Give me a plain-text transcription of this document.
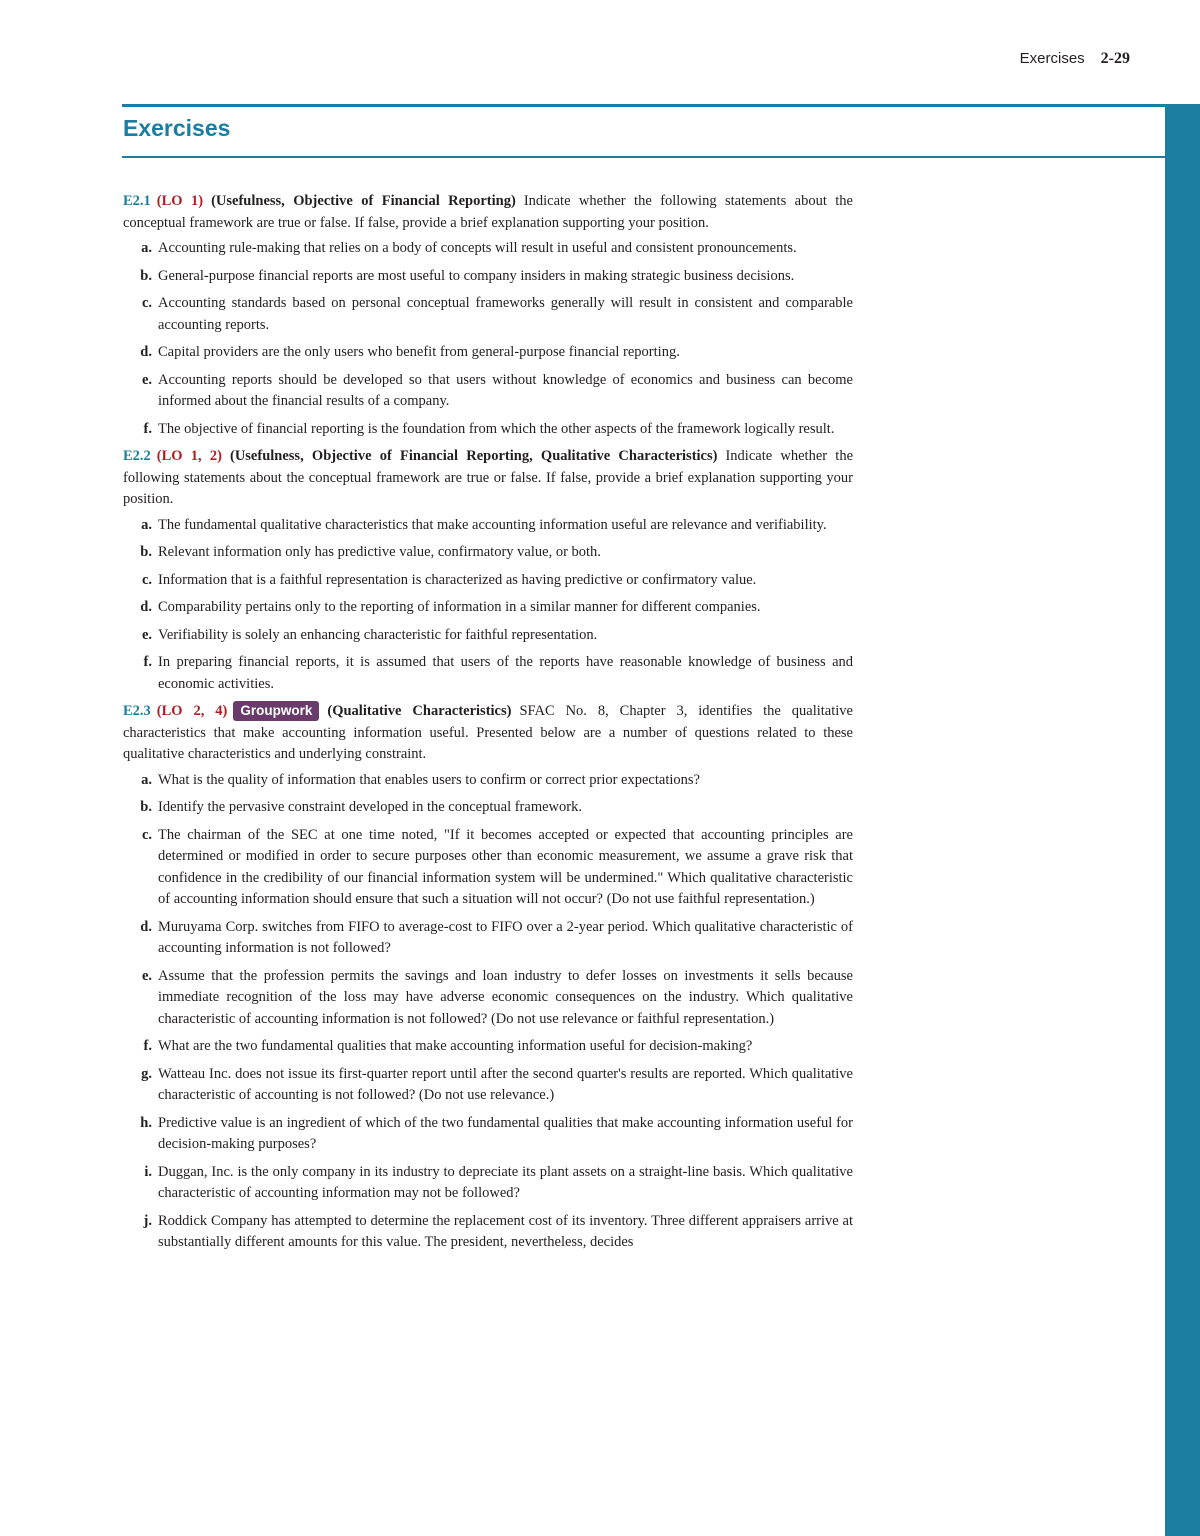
Exercises 2-29
Exercises

E2.1 (LO 1) (Usefulness, Objective of Financial Reporting) Indicate whether the following statements about the conceptual framework are true or false. If false, provide a brief explanation supporting your position.

a. Accounting rule-making that relies on a body of concepts will result in useful and consistent pronouncements.
b. General-purpose financial reports are most useful to company insiders in making strategic business decisions.
c. Accounting standards based on personal conceptual frameworks generally will result in consistent and comparable accounting reports.
d. Capital providers are the only users who benefit from general-purpose financial reporting.
e. Accounting reports should be developed so that users without knowledge of economics and business can become informed about the financial results of a company.
f. The objective of financial reporting is the foundation from which the other aspects of the framework logically result.

E2.2 (LO 1, 2) (Usefulness, Objective of Financial Reporting, Qualitative Characteristics) Indicate whether the following statements about the conceptual framework are true or false. If false, provide a brief explanation supporting your position.

a. The fundamental qualitative characteristics that make accounting information useful are relevance and verifiability.
b. Relevant information only has predictive value, confirmatory value, or both.
c. Information that is a faithful representation is characterized as having predictive or confirmatory value.
d. Comparability pertains only to the reporting of information in a similar manner for different companies.
e. Verifiability is solely an enhancing characteristic for faithful representation.
f. In preparing financial reports, it is assumed that users of the reports have reasonable knowledge of business and economic activities.

E2.3 (LO 2, 4) Groupwork (Qualitative Characteristics) SFAC No. 8, Chapter 3, identifies the qualitative characteristics that make accounting information useful. Presented below are a number of questions related to these qualitative characteristics and underlying constraint.

a. What is the quality of information that enables users to confirm or correct prior expectations?
b. Identify the pervasive constraint developed in the conceptual framework.
c. The chairman of the SEC at one time noted, "If it becomes accepted or expected that accounting principles are determined or modified in order to secure purposes other than economic measurement, we assume a grave risk that confidence in the credibility of our financial information system will be undermined." Which qualitative characteristic of accounting information should ensure that such a situation will not occur? (Do not use faithful representation.)
d. Muruyama Corp. switches from FIFO to average-cost to FIFO over a 2-year period. Which qualitative characteristic of accounting information is not followed?
e. Assume that the profession permits the savings and loan industry to defer losses on investments it sells because immediate recognition of the loss may have adverse economic consequences on the industry. Which qualitative characteristic of accounting information is not followed? (Do not use relevance or faithful representation.)
f. What are the two fundamental qualities that make accounting information useful for decision-making?
g. Watteau Inc. does not issue its first-quarter report until after the second quarter's results are reported. Which qualitative characteristic of accounting is not followed? (Do not use relevance.)
h. Predictive value is an ingredient of which of the two fundamental qualities that make accounting information useful for decision-making purposes?
i. Duggan, Inc. is the only company in its industry to depreciate its plant assets on a straight-line basis. Which qualitative characteristic of accounting information may not be followed?
j. Roddick Company has attempted to determine the replacement cost of its inventory. Three different appraisers arrive at substantially different amounts for this value. The president, nevertheless, decides
